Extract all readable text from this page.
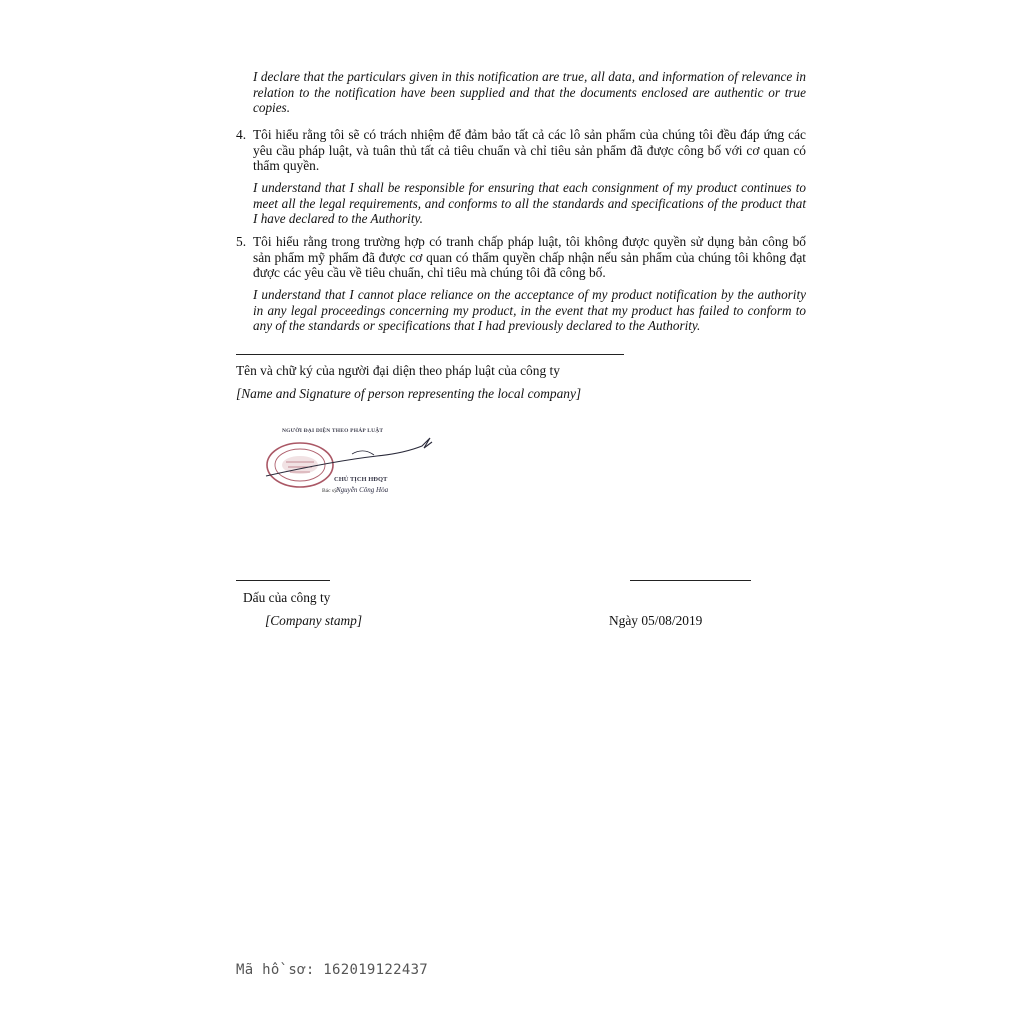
I declare that the particulars given in this notification are true, all data, and information of relevance in relation to the notification have been supplied and that the documents enclosed are authentic or true copies.
4. Tôi hiểu rằng tôi sẽ có trách nhiệm để đảm bảo tất cả các lô sản phẩm của chúng tôi đều đáp ứng các yêu cầu pháp luật, và tuân thủ tất cả tiêu chuẩn và chỉ tiêu sản phẩm đã được công bố với cơ quan có thẩm quyền.
I understand that I shall be responsible for ensuring that each consignment of my product continues to meet all the legal requirements, and conforms to all the standards and specifications of the product that I have declared to the Authority.
5. Tôi hiểu rằng trong trường hợp có tranh chấp pháp luật, tôi không được quyền sử dụng bản công bố sản phẩm mỹ phẩm đã được cơ quan có thẩm quyền chấp nhận nếu sản phẩm của chúng tôi không đạt được các yêu cầu về tiêu chuẩn, chỉ tiêu mà chúng tôi đã công bố.
I understand that I cannot place reliance on the acceptance of my product notification by the authority in any legal proceedings concerning my product, in the event that my product has failed to conform to any of the standards or specifications that I had previously declared to the Authority.
Tên và chữ ký của người đại diện theo pháp luật của công ty
[Name and Signature of person representing the local company]
NGƯỜI ĐẠI DIỆN THEO PHÁP LUẬT
CHỦ TỊCH HĐQT
Bác sỹ:
Nguyễn Công Hòa
Dấu của công ty
[Company stamp]	Ngày 05/08/2019
Mã hồ sơ: 162019122437
